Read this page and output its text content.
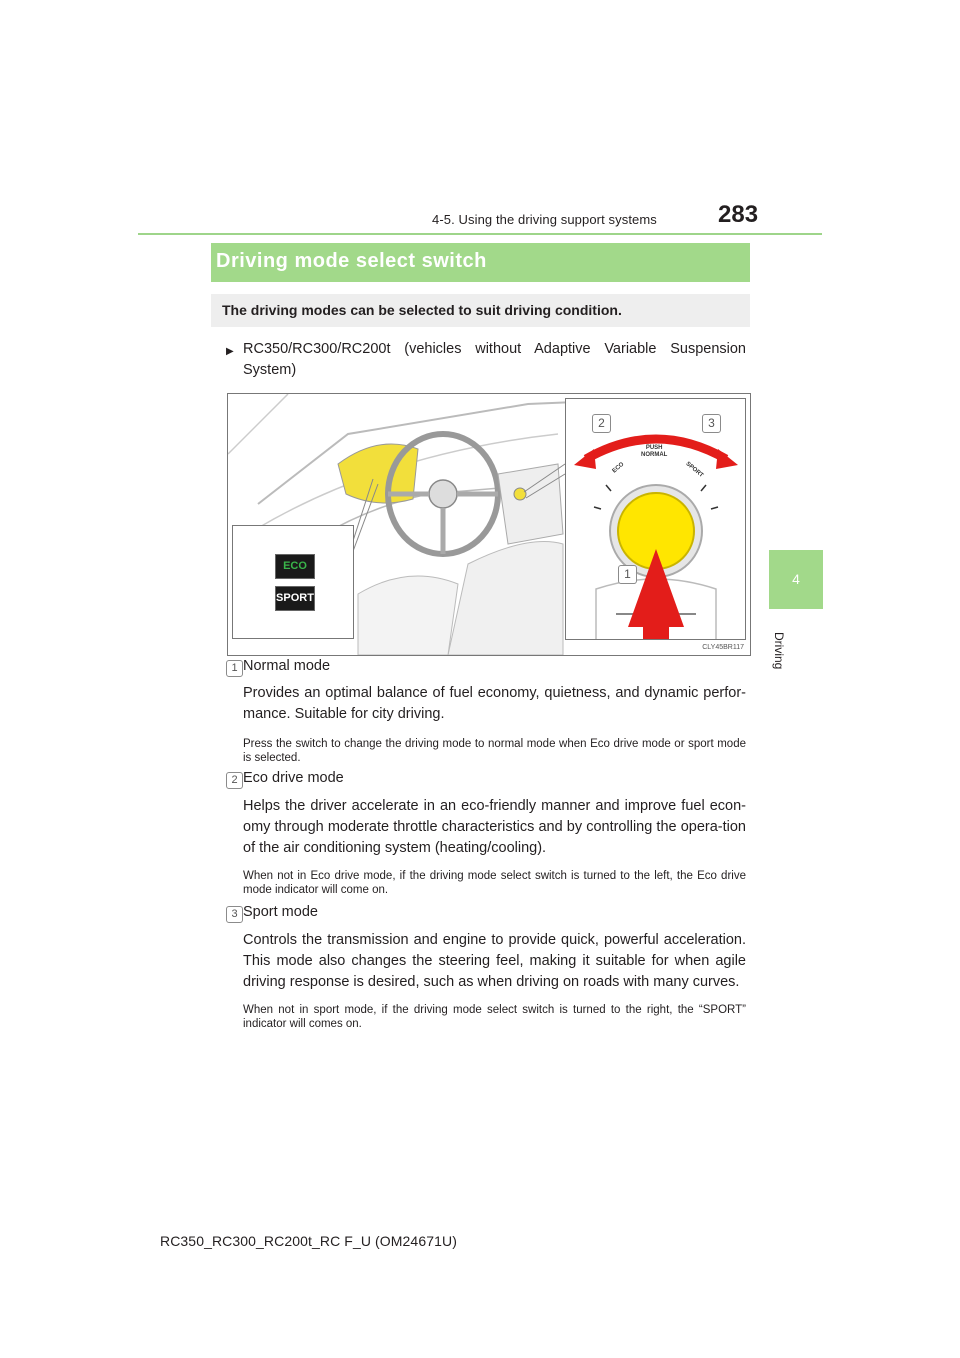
4-5. Using the driving support systems	283
4
Driving
Driving mode select switch
The driving modes can be selected to suit driving condition.
▶ RC350/RC300/RC200t (vehicles without Adaptive Variable Suspension System)
ECO
SPORT
PUSH
NORMAL
ECO	SPORT
2	3
1
CLY45BR117
1 Normal mode
Provides an optimal balance of fuel economy, quietness, and dynamic perfor-mance. Suitable for city driving.
Press the switch to change the driving mode to normal mode when Eco drive mode or sport mode is selected.
2 Eco drive mode
Helps the driver accelerate in an eco-friendly manner and improve fuel econ-omy through moderate throttle characteristics and by controlling the opera-tion of the air conditioning system (heating/cooling).
When not in Eco drive mode, if the driving mode select switch is turned to the left, the Eco drive mode indicator will come on.
3 Sport mode
Controls the transmission and engine to provide quick, powerful acceleration. This mode also changes the steering feel, making it suitable for when agile driving response is desired, such as when driving on roads with many curves.
When not in sport mode, if the driving mode select switch is turned to the right, the “SPORT” indicator will comes on.
RC350_RC300_RC200t_RC F_U (OM24671U)
